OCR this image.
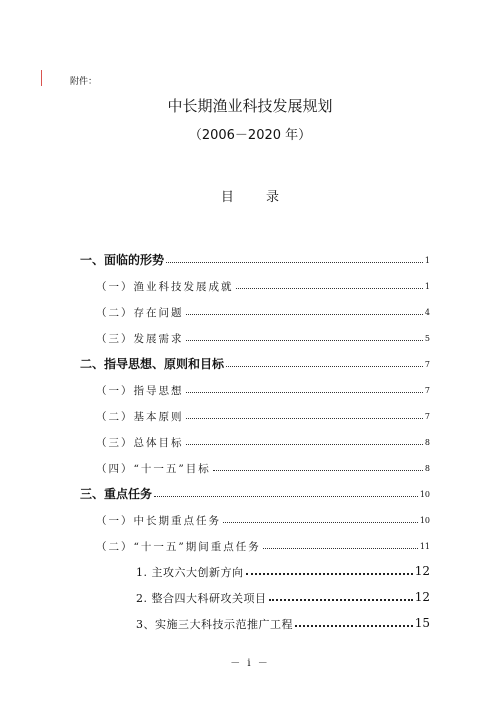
附件：
中长期渔业科技发展规划
（2006－2020 年）
目 录
一、面临的形势	1
（一）渔业科技发展成就	1
（二）存在问题	4
（三）发展需求	5
二、指导思想、原则和目标	7
（一）指导思想	7
（二）基本原则	7
（三）总体目标	8
（四）“十一五”目标	8
三、重点任务	10
（一）中长期重点任务	10
（二）“十一五”期间重点任务	11
1. 主攻六大创新方向	12
2. 整合四大科研攻关项目	12
3、实施三大科技示范推广工程	15
－ i －
